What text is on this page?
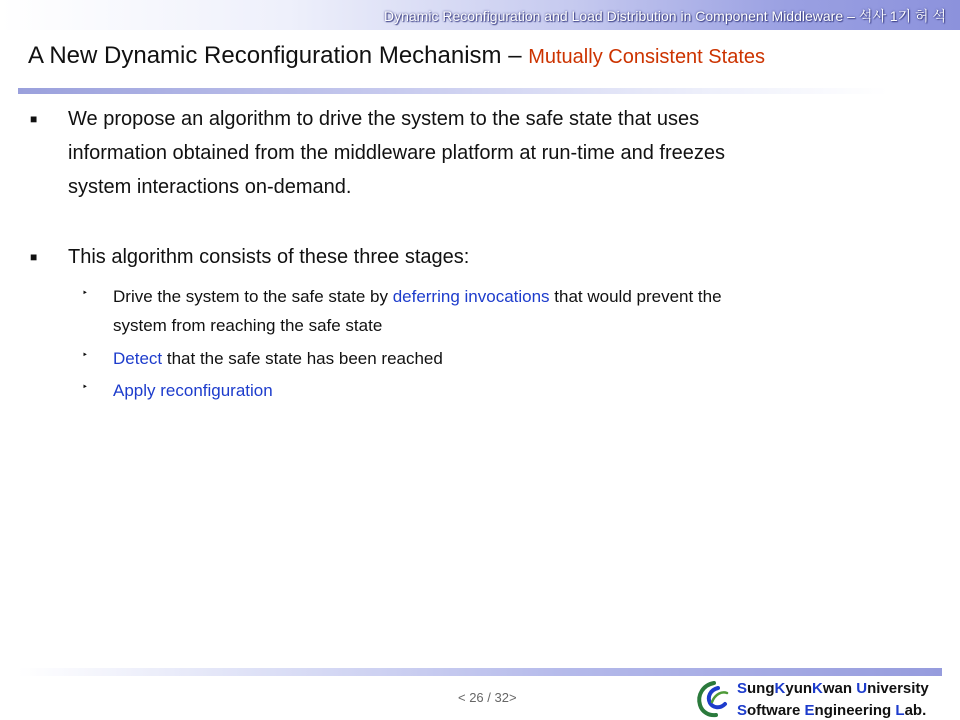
Dynamic Reconfiguration and Load Distribution in Component Middleware – 석사 1기 허 석
A New Dynamic Reconfiguration Mechanism – Mutually Consistent States
■ We propose an algorithm to drive the system to the safe state that uses
information obtained from the middleware platform at run-time and freezes
system interactions on-demand.
■ This algorithm consists of these three stages:
‣ Drive the system to the safe state by deferring invocations that would prevent the
system from reaching the safe state
‣ Detect that the safe state has been reached
‣ Apply reconfiguration
< 26 / 32>
SungKyunKwan University
Software Engineering Lab.
